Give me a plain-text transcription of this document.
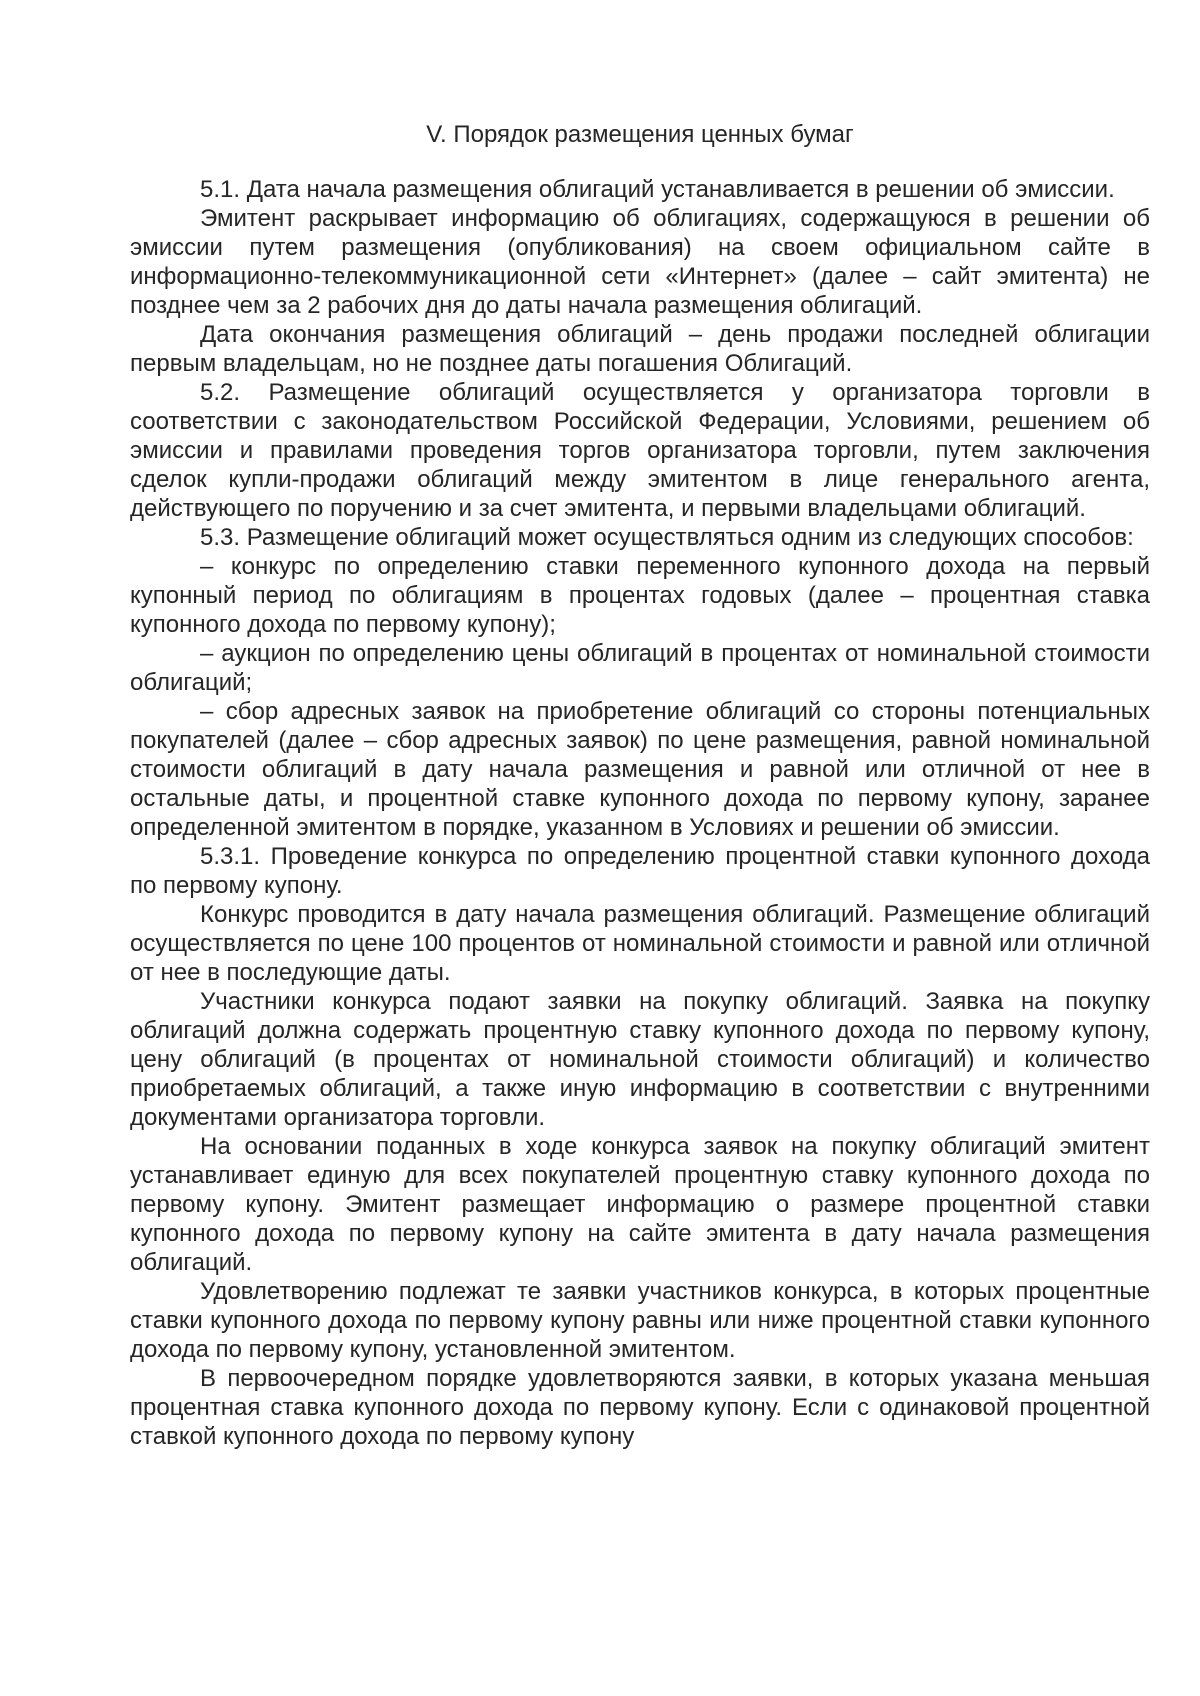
V. Порядок размещения ценных бумаг

5.1. Дата начала размещения облигаций устанавливается в решении об эмиссии.

Эмитент раскрывает информацию об облигациях, содержащуюся в решении об эмиссии путем размещения (опубликования) на своем официальном сайте в информационно-телекоммуникационной сети «Интернет» (далее – сайт эмитента) не позднее чем за 2 рабочих дня до даты начала размещения облигаций.

Дата окончания размещения облигаций – день продажи последней облигации первым владельцам, но не позднее даты погашения Облигаций.

5.2. Размещение облигаций осуществляется у организатора торговли в соответствии с законодательством Российской Федерации, Условиями, решением об эмиссии и правилами проведения торгов организатора торговли, путем заключения сделок купли-продажи облигаций между эмитентом в лице генерального агента, действующего по поручению и за счет эмитента, и первыми владельцами облигаций.

5.3. Размещение облигаций может осуществляться одним из следующих способов:

– конкурс по определению ставки переменного купонного дохода на первый купонный период по облигациям в процентах годовых (далее – процентная ставка купонного дохода по первому купону);

– аукцион по определению цены облигаций в процентах от номинальной стоимости облигаций;

– сбор адресных заявок на приобретение облигаций со стороны потенциальных покупателей (далее – сбор адресных заявок) по цене размещения, равной номинальной стоимости облигаций в дату начала размещения и равной или отличной от нее в остальные даты, и процентной ставке купонного дохода по первому купону, заранее определенной эмитентом в порядке, указанном в Условиях и решении об эмиссии.

5.3.1. Проведение конкурса по определению процентной ставки купонного дохода по первому купону.

Конкурс проводится в дату начала размещения облигаций. Размещение облигаций осуществляется по цене 100 процентов от номинальной стоимости и равной или отличной от нее в последующие даты.

Участники конкурса подают заявки на покупку облигаций. Заявка на покупку облигаций должна содержать процентную ставку купонного дохода по первому купону, цену облигаций (в процентах от номинальной стоимости облигаций) и количество приобретаемых облигаций, а также иную информацию в соответствии с внутренними документами организатора торговли.

На основании поданных в ходе конкурса заявок на покупку облигаций эмитент устанавливает единую для всех покупателей процентную ставку купонного дохода по первому купону. Эмитент размещает информацию о размере процентной ставки купонного дохода по первому купону на сайте эмитента в дату начала размещения облигаций.

Удовлетворению подлежат те заявки участников конкурса, в которых процентные ставки купонного дохода по первому купону равны или ниже процентной ставки купонного дохода по первому купону, установленной эмитентом.

В первоочередном порядке удовлетворяются заявки, в которых указана меньшая процентная ставка купонного дохода по первому купону. Если с одинаковой процентной ставкой купонного дохода по первому купону
